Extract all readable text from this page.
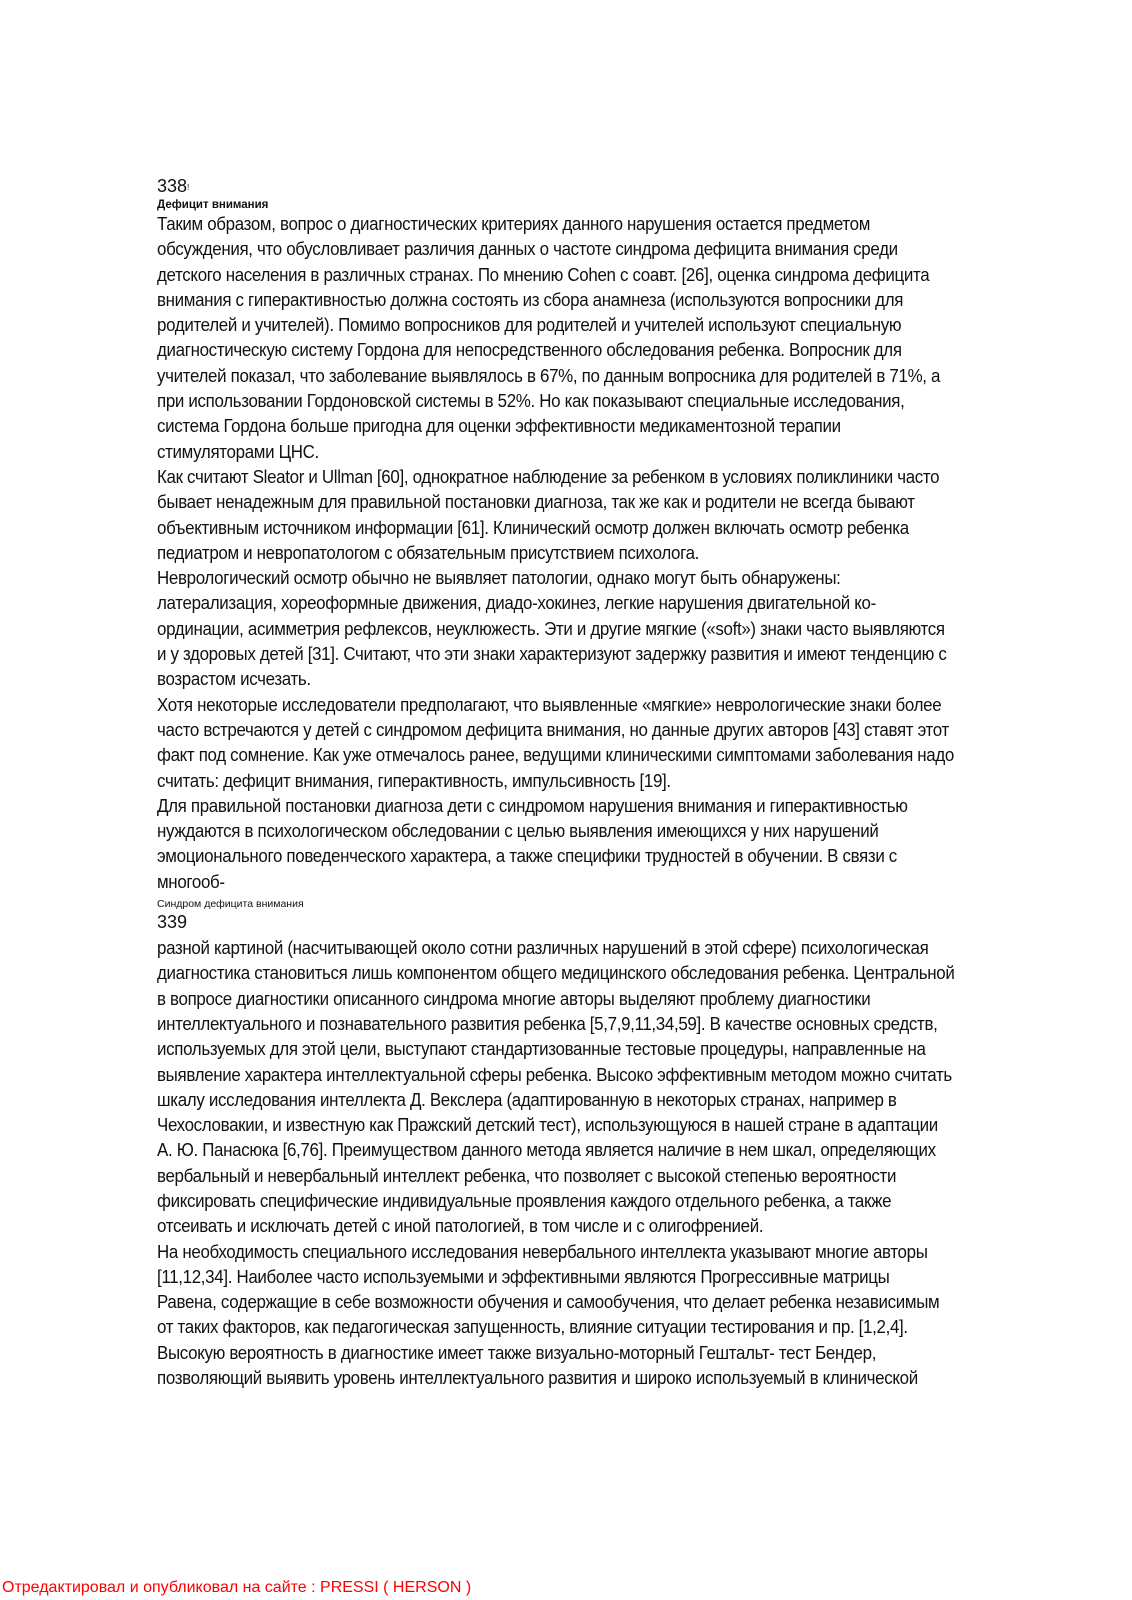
338!
Дефицит внимания
Таким образом, вопрос о диагностических критериях данного нарушения остается предметом
обсуждения, что обусловливает различия данных о частоте синдрома дефицита внимания среди
детского населения в различных странах. По мнению Cohen с соавт. [26], оценка синдрома дефицита
внимания с гиперактивностью должна состоять из сбора анамнеза (используются вопросники для
родителей и учителей). Помимо вопросников для родителей и учителей используют специальную
диагностическую систему Гордона для непосредственного обследования ребенка. Вопросник для
учителей показал, что заболевание выявлялось в 67%, по данным вопросника для родителей в 71%, а
при использовании Гордоновской системы в 52%. Но как показывают специальные исследования,
система Гордона больше пригодна для оценки эффективности медикаментозной терапии
стимуляторами ЦНС.
Как считают Sleator и Ullman [60], однократное наблюдение за ребенком в условиях поликлиники часто
бывает ненадежным для правильной постановки диагноза, так же как и родители не всегда бывают
объективным источником информации [61]. Клинический осмотр должен включать осмотр ребенка
педиатром и невропатологом с обязательным присутствием психолога.
Неврологический осмотр обычно не выявляет патологии, однако могут быть обнаружены:
латерализация, хореоформные движения, диадо-хокинез, легкие нарушения двигательной ко-
ординации, асимметрия рефлексов, неуклюжесть. Эти и другие мягкие («soft») знаки часто выявляются
и у здоровых детей [31]. Считают, что эти знаки характеризуют задержку развития и имеют тенденцию с
возрастом исчезать.
Хотя некоторые исследователи предполагают, что выявленные «мягкие» неврологические знаки более
часто встречаются у детей с синдромом дефицита внимания, но данные других авторов [43] ставят этот
факт под сомнение. Как уже отмечалось ранее, ведущими клиническими симптомами заболевания надо
считать: дефицит внимания, гиперактивность, импульсивность [19].
Для правильной постановки диагноза дети с синдромом нарушения внимания и гиперактивностью
нуждаются в психологическом обследовании с целью выявления имеющихся у них нарушений
эмоционального поведенческого характера, а также специфики трудностей в обучении. В связи с
многооб-
Синдром дефицита внимания
339
разной картиной (насчитывающей около сотни различных нарушений в этой сфере) психологическая
диагностика становиться лишь компонентом общего медицинского обследования ребенка. Центральной
в вопросе диагностики описанного синдрома многие авторы выделяют проблему диагностики
интеллектуального и познавательного развития ребенка [5,7,9,11,34,59]. В качестве основных средств,
используемых для этой цели, выступают стандартизованные тестовые процедуры, направленные на
выявление характера интеллектуальной сферы ребенка. Высоко эффективным методом можно считать
шкалу исследования интеллекта Д. Векслера (адаптированную в некоторых странах, например в
Чехословакии, и известную как Пражский детский тест), использующуюся в нашей стране в адаптации
А. Ю. Панасюка [6,76]. Преимуществом данного метода является наличие в нем шкал, определяющих
вербальный и невербальный интеллект ребенка, что позволяет с высокой степенью вероятности
фиксировать специфические индивидуальные проявления каждого отдельного ребенка, а также
отсеивать и исключать детей с иной патологией, в том числе и с олигофренией.
На необходимость специального исследования невербального интеллекта указывают многие авторы
[11,12,34]. Наиболее часто используемыми и эффективными являются Прогрессивные матрицы
Равена, содержащие в себе возможности обучения и самообучения, что делает ребенка независимым
от таких факторов, как педагогическая запущенность, влияние ситуации тестирования и пр. [1,2,4].
Высокую вероятность в диагностике имеет также визуально-моторный Гештальт- тест Бендер,
позволяющий выявить уровень интеллектуального развития и широко используемый в клинической
Отредактировал и опубликовал на сайте : PRESSI ( HERSON )
